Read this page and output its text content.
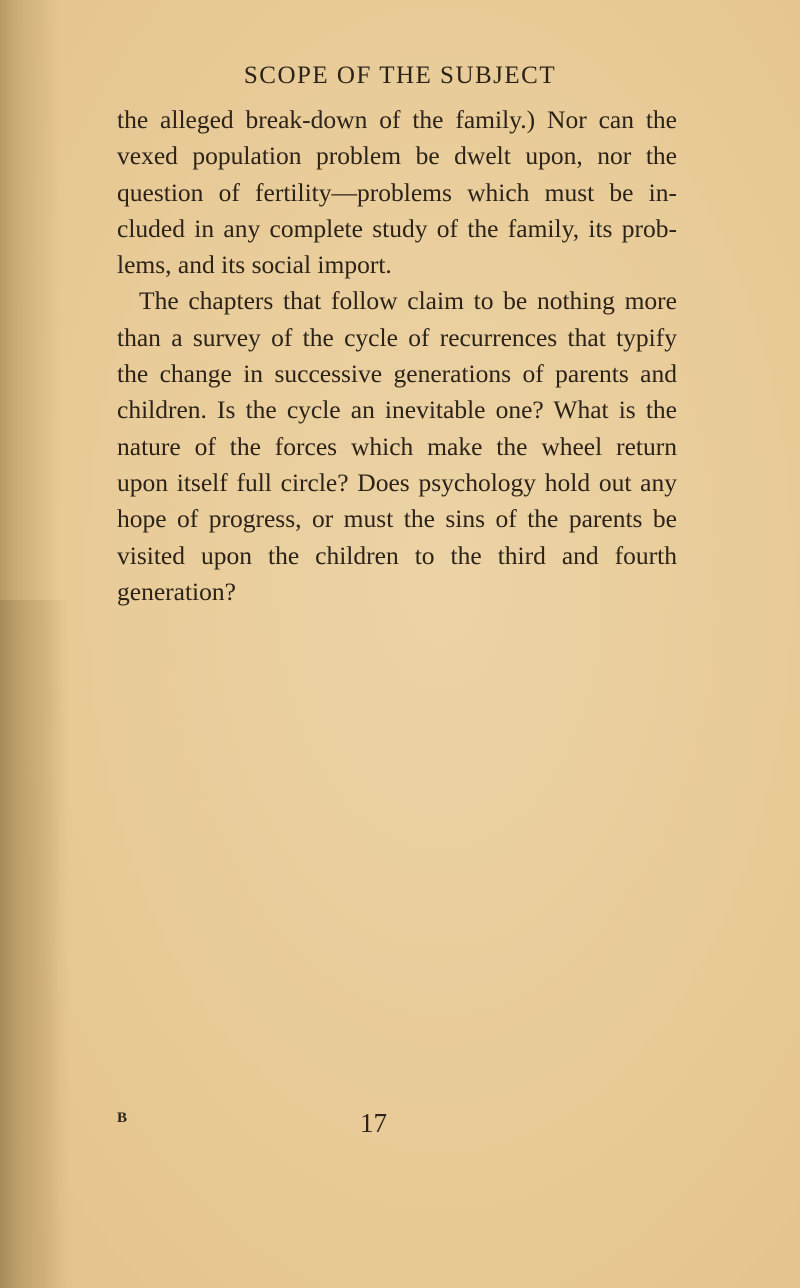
SCOPE OF THE SUBJECT
the alleged break-down of the family.) Nor can the
vexed population problem be dwelt upon, nor the
question of fertility—problems which must be in-
cluded in any complete study of the family, its prob-
lems, and its social import.
The chapters that follow claim to be nothing more
than a survey of the cycle of recurrences that typify
the change in successive generations of parents and
children. Is the cycle an inevitable one? What is the
nature of the forces which make the wheel return
upon itself full circle? Does psychology hold out any
hope of progress, or must the sins of the parents be
visited upon the children to the third and fourth
generation?
B	17
